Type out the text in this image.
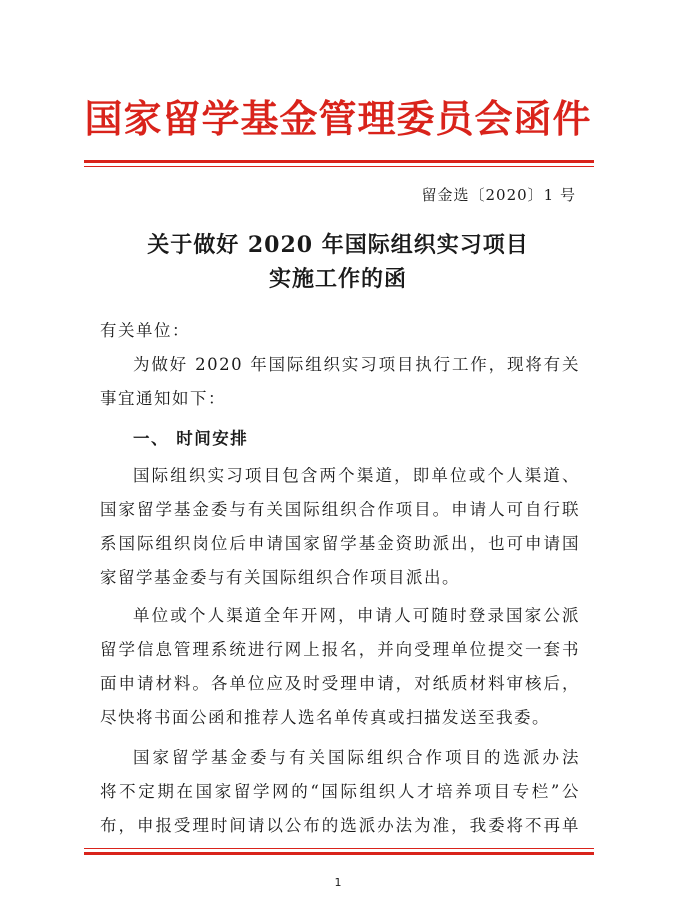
国家留学基金管理委员会函件
留金选〔2020〕1 号
关于做好 2020 年国际组织实习项目
实施工作的函
有关单位：
为做好 2020 年国际组织实习项目执行工作，现将有关
事宜通知如下：
一、 时间安排
国际组织实习项目包含两个渠道，即单位或个人渠道、
国家留学基金委与有关国际组织合作项目。申请人可自行联
系国际组织岗位后申请国家留学基金资助派出，也可申请国
家留学基金委与有关国际组织合作项目派出。
单位或个人渠道全年开网，申请人可随时登录国家公派
留学信息管理系统进行网上报名，并向受理单位提交一套书
面申请材料。各单位应及时受理申请，对纸质材料审核后，
尽快将书面公函和推荐人选名单传真或扫描发送至我委。
国家留学基金委与有关国际组织合作项目的选派办法
将不定期在国家留学网的“国际组织人才培养项目专栏”公
布，申报受理时间请以公布的选派办法为准，我委将不再单
1
